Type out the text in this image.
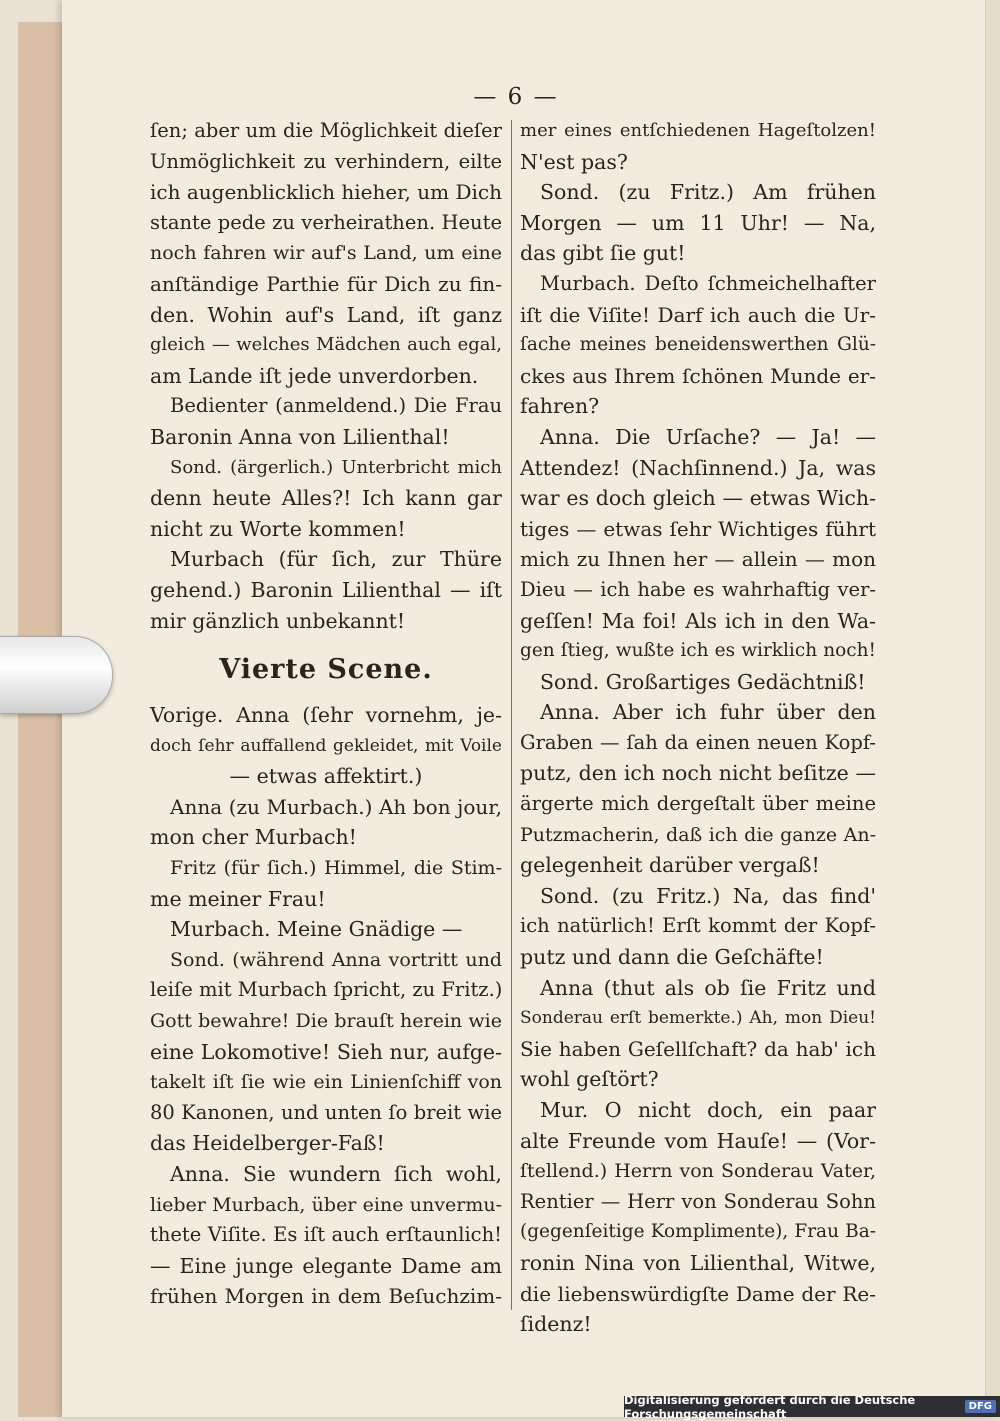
— 6 —

ſen; aber um die Möglichkeit dieſer

Unmöglichkeit zu verhindern, eilte

ich augenblicklich hieher, um Dich

stante pede zu verheirathen. Heute

noch fahren wir auf's Land, um eine

anſtändige Parthie für Dich zu fin-

den. Wohin auf's Land, iſt ganz

gleich — welches Mädchen auch egal,

am Lande iſt jede unverdorben.

Bedienter (anmeldend.) Die Frau

Baronin Anna von Lilienthal!

Sond. (ärgerlich.) Unterbricht mich

denn heute Alles?! Ich kann gar

nicht zu Worte kommen!

Murbach (für ſich, zur Thüre

gehend.) Baronin Lilienthal — iſt

mir gänzlich unbekannt!

Vierte Scene.

Vorige. Anna (ſehr vornehm, je-

doch ſehr auffallend gekleidet, mit Voile

— etwas affektirt.)

Anna (zu Murbach.) Ah bon jour,

mon cher Murbach!

Fritz (für ſich.) Himmel, die Stim-

me meiner Frau!

Murbach. Meine Gnädige —

Sond. (während Anna vortritt und

leiſe mit Murbach ſpricht, zu Fritz.)

Gott bewahre! Die brauſt herein wie

eine Lokomotive! Sieh nur, aufge-

takelt iſt ſie wie ein Linienſchiff von

80 Kanonen, und unten ſo breit wie

das Heidelberger-Faß!

Anna. Sie wundern ſich wohl,

lieber Murbach, über eine unvermu-

thete Viſite. Es iſt auch erſtaunlich!

— Eine junge elegante Dame am

frühen Morgen in dem Beſuchzim-

mer eines entſchiedenen Hageſtolzen!

N'est pas?

Sond. (zu Fritz.) Am frühen

Morgen — um 11 Uhr! — Na,

das gibt ſie gut!

Murbach. Deſto ſchmeichelhafter

iſt die Viſite! Darf ich auch die Ur-

ſache meines beneidenswerthen Glü-

ckes aus Ihrem ſchönen Munde er-

fahren?

Anna. Die Urſache? — Ja! —

Attendez! (Nachſinnend.) Ja, was

war es doch gleich — etwas Wich-

tiges — etwas ſehr Wichtiges führt

mich zu Ihnen her — allein — mon

Dieu — ich habe es wahrhaftig ver-

geſſen! Ma foi! Als ich in den Wa-

gen ſtieg, wußte ich es wirklich noch!

Sond. Großartiges Gedächtniß!

Anna. Aber ich fuhr über den

Graben — ſah da einen neuen Kopf-

putz, den ich noch nicht beſitze —

ärgerte mich dergeſtalt über meine

Putzmacherin, daß ich die ganze An-

gelegenheit darüber vergaß!

Sond. (zu Fritz.) Na, das find'

ich natürlich! Erſt kommt der Kopf-

putz und dann die Geſchäfte!

Anna (thut als ob ſie Fritz und

Sonderau erſt bemerkte.) Ah, mon Dieu!

Sie haben Geſellſchaft? da hab' ich

wohl geſtört?

Mur. O nicht doch, ein paar

alte Freunde vom Hauſe! — (Vor-

ſtellend.) Herrn von Sonderau Vater,

Rentier — Herr von Sonderau Sohn

(gegenſeitige Komplimente), Frau Ba-

ronin Nina von Lilienthal, Witwe,

die liebenswürdigſte Dame der Re-

ſidenz!

Digitalisierung gefördert durch die Deutsche Forschungsgemeinschaft	DFG
